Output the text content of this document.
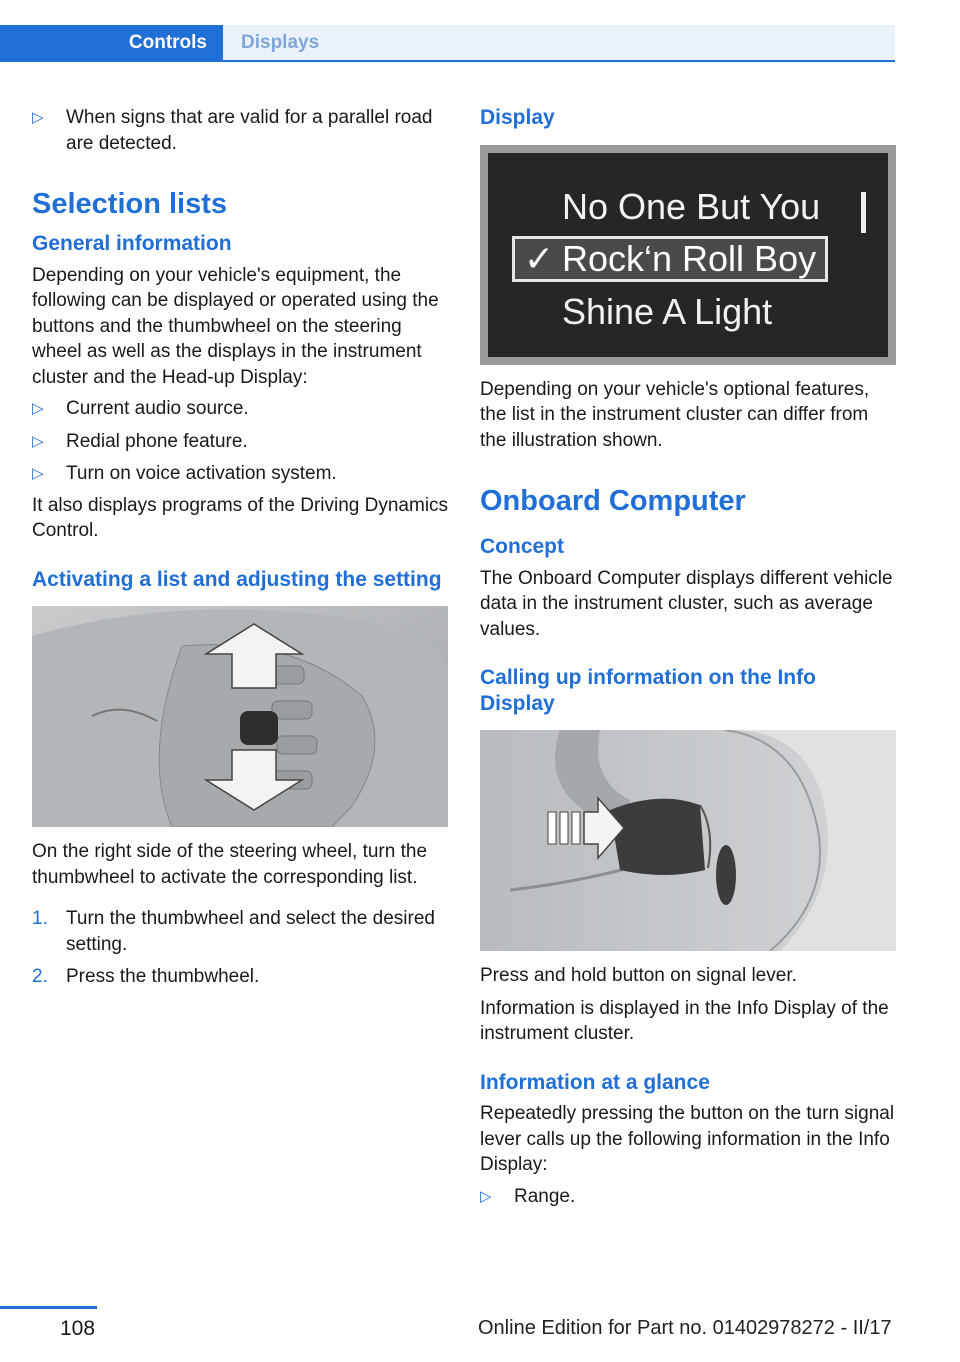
Controls	Displays
▷ When signs that are valid for a parallel road are detected.
Selection lists
General information

Depending on your vehicle's equipment, the following can be displayed or operated using the buttons and the thumbwheel on the steering wheel as well as the displays in the instrument cluster and the Head-up Display:

▷ Current audio source.
▷ Redial phone feature.
▷ Turn on voice activation system.

It also displays programs of the Driving Dynamics Control.

Activating a list and adjusting the setting

On the right side of the steering wheel, turn the thumbwheel to activate the corresponding list.

1. Turn the thumbwheel and select the desired setting.
2. Press the thumbwheel.
Display
No One But You
✓ Rock‘n Roll Boy
Shine A Light

Depending on your vehicle's optional features, the list in the instrument cluster can differ from the illustration shown.

Onboard Computer
Concept

The Onboard Computer displays different vehicle data in the instrument cluster, such as average values.

Calling up information on the Info Display

Press and hold button on signal lever.

Information is displayed in the Info Display of the instrument cluster.

Information at a glance

Repeatedly pressing the button on the turn signal lever calls up the following information in the Info Display:

▷ Range.
108	Online Edition for Part no. 01402978272 - II/17
